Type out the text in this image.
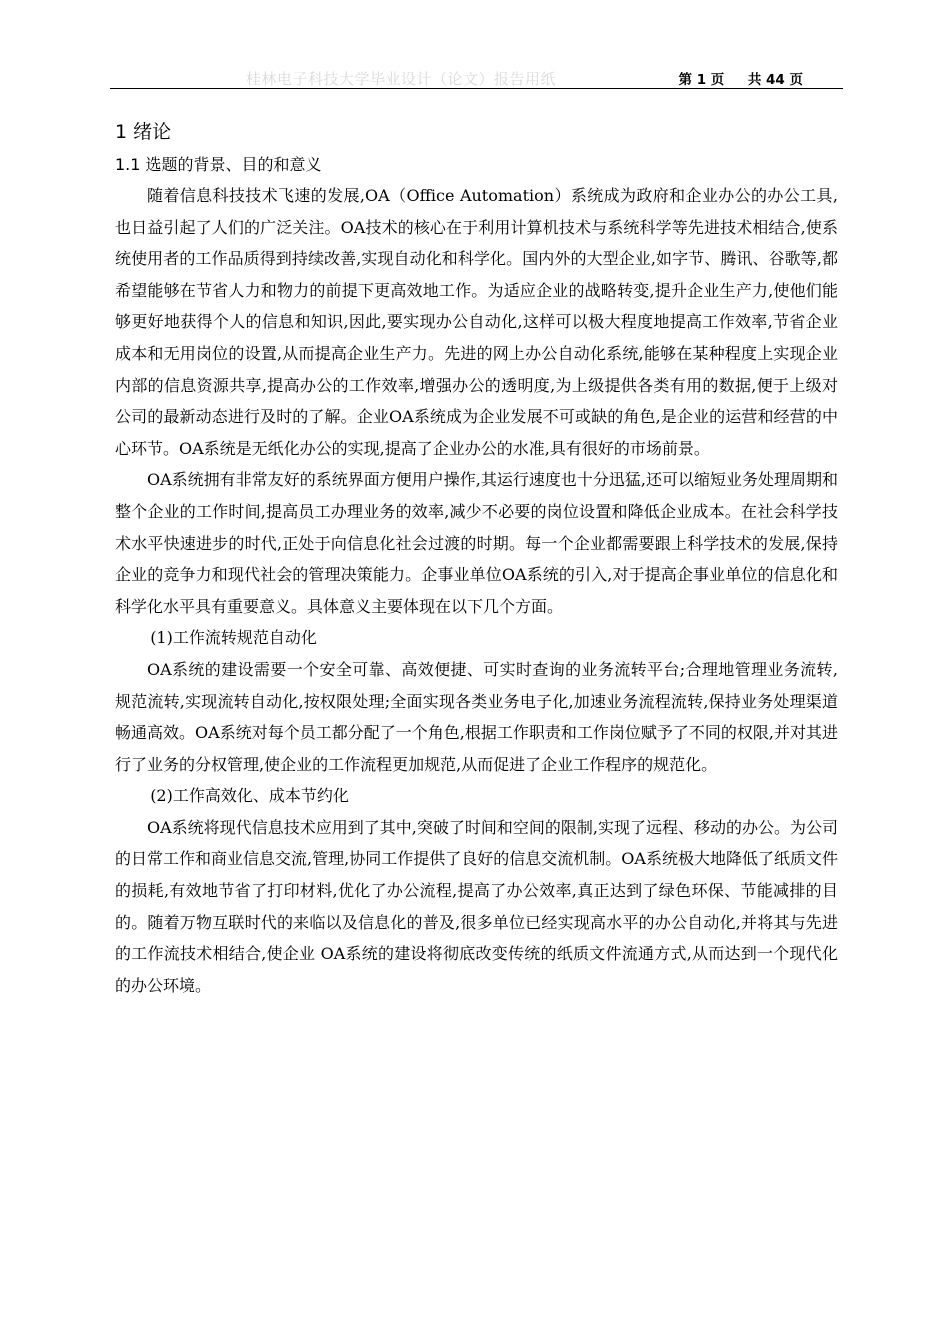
桂林电子科技大学毕业设计（论文）报告用纸	第 1 页 共 44 页
1 绪论
1.1 选题的背景、目的和意义

随着信息科技技术飞速的发展,OA（Office Automation）系统成为政府和企业办公的办公工具,也日益引起了人们的广泛关注。OA技术的核心在于利用计算机技术与系统科学等先进技术相结合,使系统使用者的工作品质得到持续改善,实现自动化和科学化。国内外的大型企业,如字节、腾讯、谷歌等,都希望能够在节省人力和物力的前提下更高效地工作。为适应企业的战略转变,提升企业生产力,使他们能够更好地获得个人的信息和知识,因此,要实现办公自动化,这样可以极大程度地提高工作效率,节省企业成本和无用岗位的设置,从而提高企业生产力。先进的网上办公自动化系统,能够在某种程度上实现企业内部的信息资源共享,提高办公的工作效率,增强办公的透明度,为上级提供各类有用的数据,便于上级对公司的最新动态进行及时的了解。企业OA系统成为企业发展不可或缺的角色,是企业的运营和经营的中心环节。OA系统是无纸化办公的实现,提高了企业办公的水准,具有很好的市场前景。

OA系统拥有非常友好的系统界面方便用户操作,其运行速度也十分迅猛,还可以缩短业务处理周期和整个企业的工作时间,提高员工办理业务的效率,减少不必要的岗位设置和降低企业成本。在社会科学技术水平快速进步的时代,正处于向信息化社会过渡的时期。每一个企业都需要跟上科学技术的发展,保持企业的竞争力和现代社会的管理决策能力。企事业单位OA系统的引入,对于提高企事业单位的信息化和科学化水平具有重要意义。具体意义主要体现在以下几个方面。

(1)工作流转规范自动化

OA系统的建设需要一个安全可靠、高效便捷、可实时查询的业务流转平台;合理地管理业务流转,规范流转,实现流转自动化,按权限处理;全面实现各类业务电子化,加速业务流程流转,保持业务处理渠道畅通高效。OA系统对每个员工都分配了一个角色,根据工作职责和工作岗位赋予了不同的权限,并对其进行了业务的分权管理,使企业的工作流程更加规范,从而促进了企业工作程序的规范化。

(2)工作高效化、成本节约化

OA系统将现代信息技术应用到了其中,突破了时间和空间的限制,实现了远程、移动的办公。为公司的日常工作和商业信息交流,管理,协同工作提供了良好的信息交流机制。OA系统极大地降低了纸质文件的损耗,有效地节省了打印材料,优化了办公流程,提高了办公效率,真正达到了绿色环保、节能减排的目的。随着万物互联时代的来临以及信息化的普及,很多单位已经实现高水平的办公自动化,并将其与先进的工作流技术相结合,使企业 OA系统的建设将彻底改变传统的纸质文件流通方式,从而达到一个现代化的办公环境。
